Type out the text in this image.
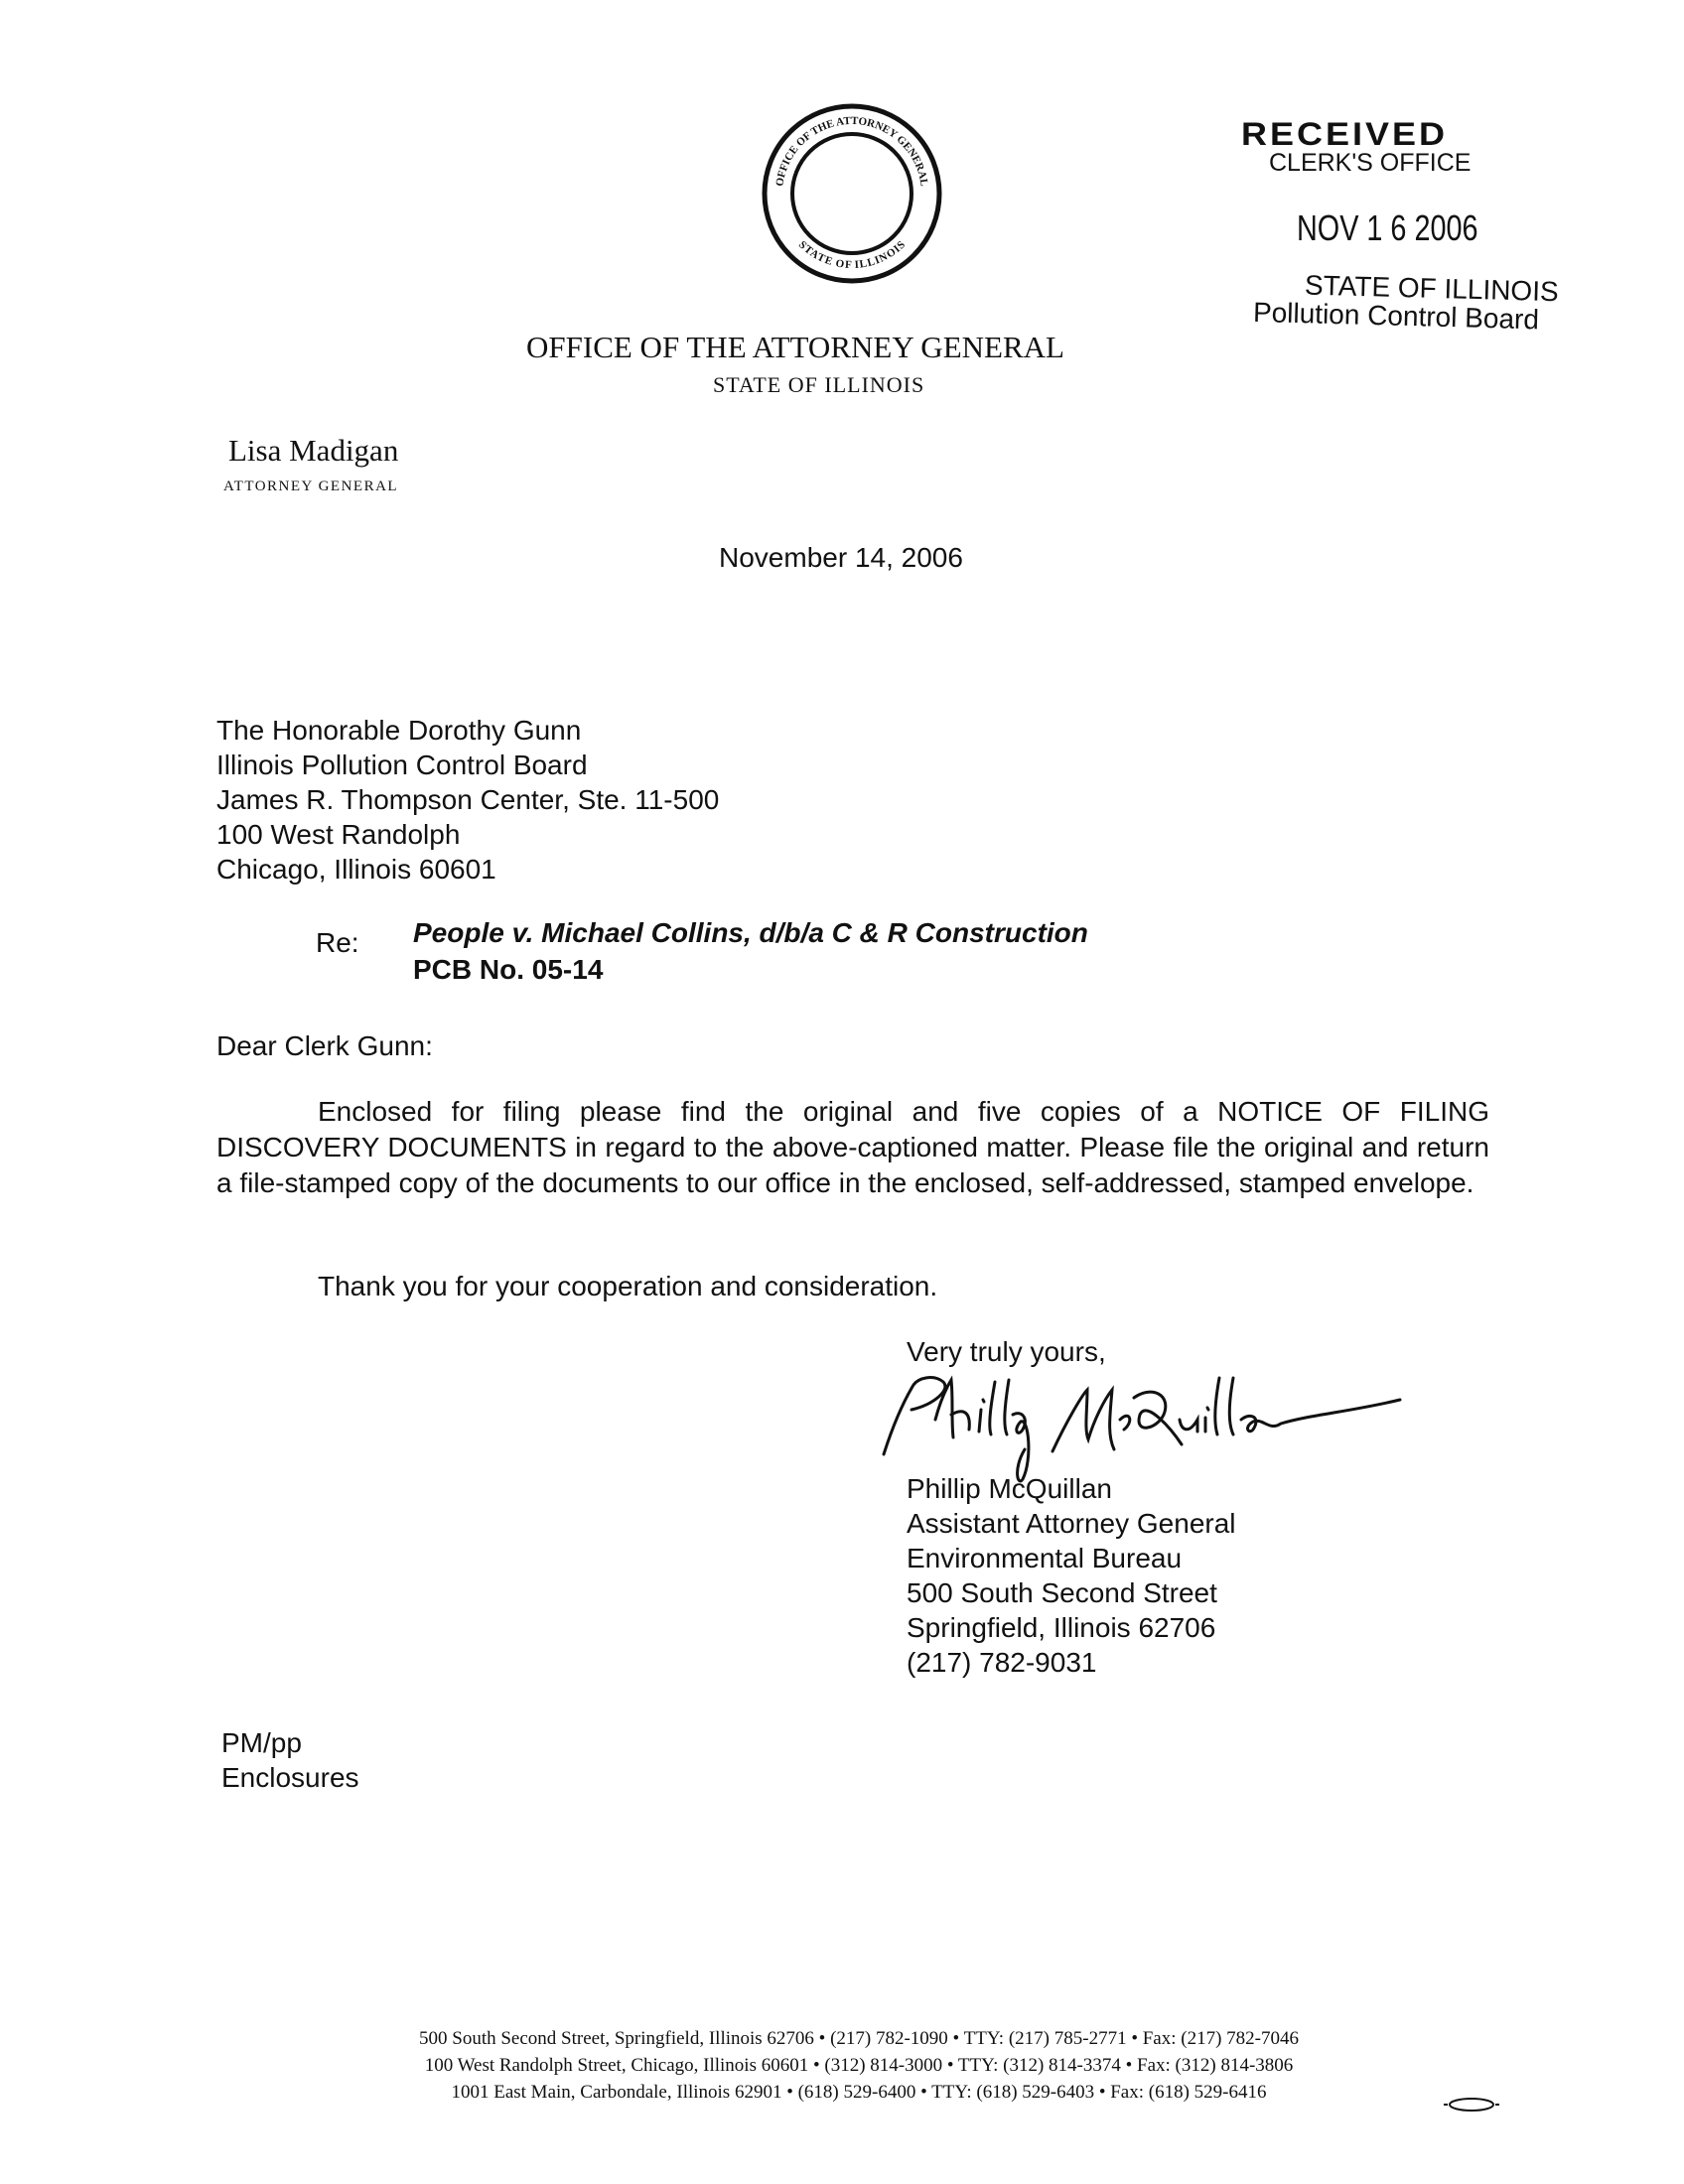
OFFICE OF THE ATTORNEY GENERAL
STATE OF ILLINOIS
RECEIVED
CLERK'S OFFICE
NOV 1 6 2006
STATE OF ILLINOIS
Pollution Control Board
OFFICE OF THE ATTORNEY GENERAL
STATE OF ILLINOIS
Lisa Madigan
ATTORNEY GENERAL
November 14, 2006
The Honorable Dorothy Gunn
Illinois Pollution Control Board
James R. Thompson Center, Ste. 11-500
100 West Randolph
Chicago, Illinois 60601
Re: People v. Michael Collins, d/b/a C & R Construction
PCB No. 05-14
Dear Clerk Gunn:
Enclosed for filing please find the original and five copies of a NOTICE OF FILING DISCOVERY DOCUMENTS in regard to the above-captioned matter. Please file the original and return a file-stamped copy of the documents to our office in the enclosed, self-addressed, stamped envelope.
Thank you for your cooperation and consideration.
Very truly yours,
Phillip McQuillan
Assistant Attorney General
Environmental Bureau
500 South Second Street
Springfield, Illinois 62706
(217) 782-9031
PM/pp
Enclosures
500 South Second Street, Springfield, Illinois 62706 • (217) 782-1090 • TTY: (217) 785-2771 • Fax: (217) 782-7046
100 West Randolph Street, Chicago, Illinois 60601 • (312) 814-3000 • TTY: (312) 814-3374 • Fax: (312) 814-3806
1001 East Main, Carbondale, Illinois 62901 • (618) 529-6400 • TTY: (618) 529-6403 • Fax: (618) 529-6416
